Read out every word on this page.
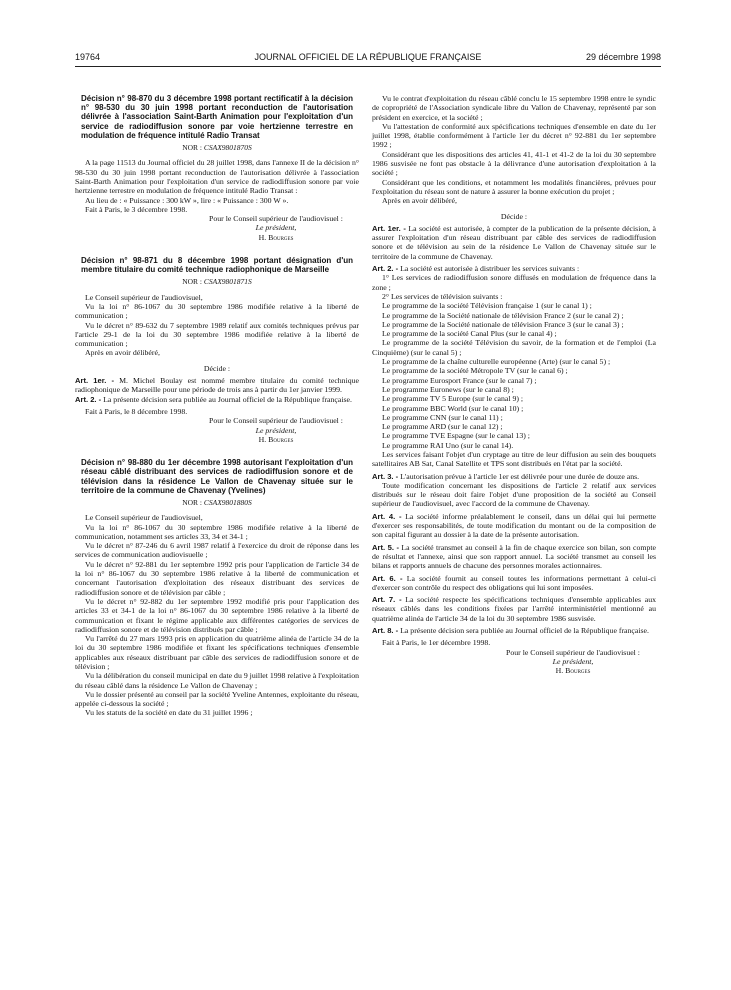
19764	JOURNAL OFFICIEL DE LA RÉPUBLIQUE FRANÇAISE	29 décembre 1998

Décision n° 98-870 du 3 décembre 1998 portant rectificatif à la décision n° 98-530 du 30 juin 1998 portant reconduction de l'autorisation délivrée à l'association Saint-Barth Animation pour l'exploitation d'un service de radiodiffusion sonore par voie hertzienne terrestre en modulation de fréquence intitulé Radio Transat

NOR : CSAX9801870S

A la page 11513 du Journal officiel du 28 juillet 1998, dans l'annexe II de la décision n° 98-530 du 30 juin 1998 portant reconduction de l'autorisation délivrée à l'association Saint-Barth Animation pour l'exploitation d'un service de radiodiffusion sonore par voie hertzienne terrestre en modulation de fréquence intitulé Radio Transat :

Au lieu de : « Puissance : 300 kW », lire : « Puissance : 300 W ».

Fait à Paris, le 3 décembre 1998.

Pour le Conseil supérieur de l'audiovisuel :
Le président,
H. Bourges

Décision n° 98-871 du 8 décembre 1998 portant désignation d'un membre titulaire du comité technique radiophonique de Marseille

NOR : CSAX9801871S

Le Conseil supérieur de l'audiovisuel,

Vu la loi n° 86-1067 du 30 septembre 1986 modifiée relative à la liberté de communication ;

Vu le décret n° 89-632 du 7 septembre 1989 relatif aux comités techniques prévus par l'article 29-1 de la loi du 30 septembre 1986 modifiée relative à la liberté de communication ;

Après en avoir délibéré,

Décide :

Art. 1er. - M. Michel Boulay est nommé membre titulaire du comité technique radiophonique de Marseille pour une période de trois ans à partir du 1er janvier 1999.

Art. 2. - La présente décision sera publiée au Journal officiel de la République française.

Fait à Paris, le 8 décembre 1998.

Pour le Conseil supérieur de l'audiovisuel :
Le président,
H. Bourges

Décision n° 98-880 du 1er décembre 1998 autorisant l'exploitation d'un réseau câblé distribuant des services de radiodiffusion sonore et de télévision dans la résidence Le Vallon de Chavenay située sur le territoire de la commune de Chavenay (Yvelines)

NOR : CSAX9801880S

Le Conseil supérieur de l'audiovisuel,

Vu la loi n° 86-1067 du 30 septembre 1986 modifiée relative à la liberté de communication, notamment ses articles 33, 34 et 34-1 ;

Vu le décret n° 87-246 du 6 avril 1987 relatif à l'exercice du droit de réponse dans les services de communication audiovisuelle ;

Vu le décret n° 92-881 du 1er septembre 1992 pris pour l'application de l'article 34 de la loi n° 86-1067 du 30 septembre 1986 relative à la liberté de communication et concernant l'autorisation d'exploitation des réseaux distribuant des services de radiodiffusion sonore et de télévision par câble ;

Vu le décret n° 92-882 du 1er septembre 1992 modifié pris pour l'application des articles 33 et 34-1 de la loi n° 86-1067 du 30 septembre 1986 relative à la liberté de communication et fixant le régime applicable aux différentes catégories de services de radiodiffusion sonore et de télévision distribués par câble ;

Vu l'arrêté du 27 mars 1993 pris en application du quatrième alinéa de l'article 34 de la loi du 30 septembre 1986 modifiée et fixant les spécifications techniques d'ensemble applicables aux réseaux distribuant par câble des services de radiodiffusion sonore et de télévision ;

Vu la délibération du conseil municipal en date du 9 juillet 1998 relative à l'exploitation du réseau câblé dans la résidence Le Vallon de Chavenay ;

Vu le dossier présenté au conseil par la société Yveline Antennes, exploitante du réseau, appelée ci-dessous la société ;

Vu les statuts de la société en date du 31 juillet 1996 ;

Vu le contrat d'exploitation du réseau câblé conclu le 15 septembre 1998 entre le syndic de copropriété de l'Association syndicale libre du Vallon de Chavenay, représenté par son président en exercice, et la société ;

Vu l'attestation de conformité aux spécifications techniques d'ensemble en date du 1er juillet 1998, établie conformément à l'article 1er du décret n° 92-881 du 1er septembre 1992 ;

Considérant que les dispositions des articles 41, 41-1 et 41-2 de la loi du 30 septembre 1986 susvisée ne font pas obstacle à la délivrance d'une autorisation d'exploitation à la société ;

Considérant que les conditions, et notamment les modalités financières, prévues pour l'exploitation du réseau sont de nature à assurer la bonne exécution du projet ;

Après en avoir délibéré,

Décide :

Art. 1er. - La société est autorisée, à compter de la publication de la présente décision, à assurer l'exploitation d'un réseau distribuant par câble des services de radiodiffusion sonore et de télévision au sein de la résidence Le Vallon de Chavenay située sur le territoire de la commune de Chavenay.

Art. 2. - La société est autorisée à distribuer les services suivants :

1° Les services de radiodiffusion sonore diffusés en modulation de fréquence dans la zone ;

2° Les services de télévision suivants :

Le programme de la société Télévision française 1 (sur le canal 1) ;

Le programme de la Société nationale de télévision France 2 (sur le canal 2) ;

Le programme de la Société nationale de télévision France 3 (sur le canal 3) ;

Le programme de la société Canal Plus (sur le canal 4) ;

Le programme de la société Télévision du savoir, de la formation et de l'emploi (La Cinquième) (sur le canal 5) ;

Le programme de la chaîne culturelle européenne (Arte) (sur le canal 5) ;

Le programme de la société Métropole TV (sur le canal 6) ;

Le programme Eurosport France (sur le canal 7) ;

Le programme Euronews (sur le canal 8) ;

Le programme TV 5 Europe (sur le canal 9) ;

Le programme BBC World (sur le canal 10) ;

Le programme CNN (sur le canal 11) ;

Le programme ARD (sur le canal 12) ;

Le programme TVE Espagne (sur le canal 13) ;

Le programme RAI Uno (sur le canal 14).

Les services faisant l'objet d'un cryptage au titre de leur diffusion au sein des bouquets satellitaires AB Sat, Canal Satellite et TPS sont distribués en l'état par la société.

Art. 3. - L'autorisation prévue à l'article 1er est délivrée pour une durée de douze ans.

Toute modification concernant les dispositions de l'article 2 relatif aux services distribués sur le réseau doit faire l'objet d'une proposition de la société au Conseil supérieur de l'audiovisuel, avec l'accord de la commune de Chavenay.

Art. 4. - La société informe préalablement le conseil, dans un délai qui lui permette d'exercer ses responsabilités, de toute modification du montant ou de la composition de son capital figurant au dossier à la date de la présente autorisation.

Art. 5. - La société transmet au conseil à la fin de chaque exercice son bilan, son compte de résultat et l'annexe, ainsi que son rapport annuel. La société transmet au conseil les bilans et rapports annuels de chacune des personnes morales actionnaires.

Art. 6. - La société fournit au conseil toutes les informations permettant à celui-ci d'exercer son contrôle du respect des obligations qui lui sont imposées.

Art. 7. - La société respecte les spécifications techniques d'ensemble applicables aux réseaux câblés dans les conditions fixées par l'arrêté interministériel mentionné au quatrième alinéa de l'article 34 de la loi du 30 septembre 1986 susvisée.

Art. 8. - La présente décision sera publiée au Journal officiel de la République française.

Fait à Paris, le 1er décembre 1998.

Pour le Conseil supérieur de l'audiovisuel :
Le président,
H. Bourges
